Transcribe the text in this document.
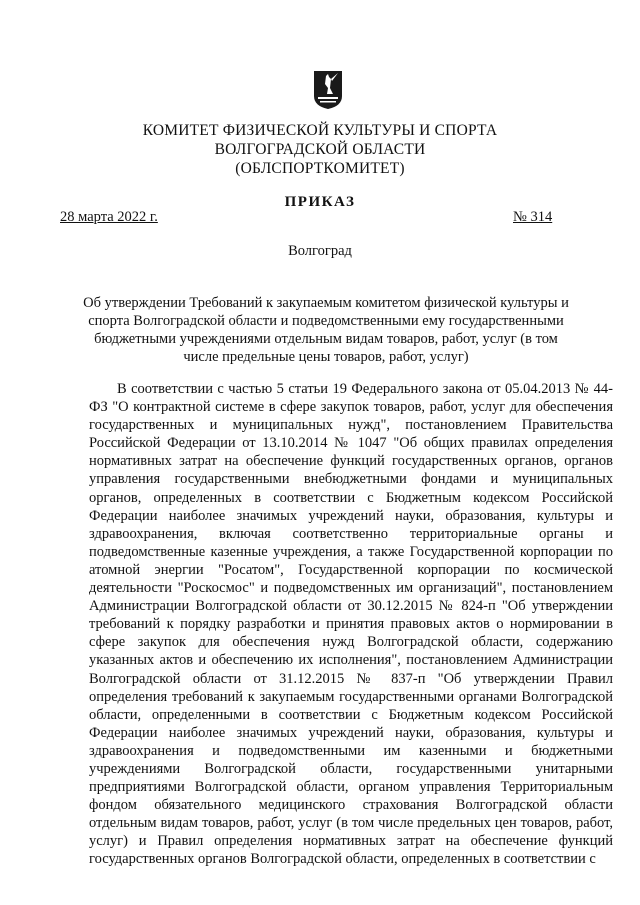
КОМИТЕТ ФИЗИЧЕСКОЙ КУЛЬТУРЫ И СПОРТА
ВОЛГОГРАДСКОЙ ОБЛАСТИ
(ОБЛСПОРТКОМИТЕТ)
ПРИКАЗ
28 марта 2022 г.	№ 314
Волгоград
Об утверждении Требований к закупаемым комитетом физической культуры и спорта Волгоградской области и подведомственными ему государственными бюджетными учреждениями отдельным видам товаров, работ, услуг (в том числе предельные цены товаров, работ, услуг)
В соответствии с частью 5 статьи 19 Федерального закона от 05.04.2013 № 44-ФЗ "О контрактной системе в сфере закупок товаров, работ, услуг для обеспечения государственных и муниципальных нужд", постановлением Правительства Российской Федерации от 13.10.2014 № 1047 "Об общих правилах определения нормативных затрат на обеспечение функций государственных органов, органов управления государственными внебюджетными фондами и муниципальных органов, определенных в соответствии с Бюджетным кодексом Российской Федерации наиболее значимых учреждений науки, образования, культуры и здравоохранения, включая соответственно территориальные органы и подведомственные казенные учреждения, а также Государственной корпорации по атомной энергии "Росатом", Государственной корпорации по космической деятельности "Роскосмос" и подведомственных им организаций", постановлением Администрации Волгоградской области от 30.12.2015 № 824-п "Об утверждении требований к порядку разработки и принятия правовых актов о нормировании в сфере закупок для обеспечения нужд Волгоградской области, содержанию указанных актов и обеспечению их исполнения", постановлением Администрации Волгоградской области от 31.12.2015 № 837-п "Об утверждении Правил определения требований к закупаемым государственными органами Волгоградской области, определенными в соответствии с Бюджетным кодексом Российской Федерации наиболее значимых учреждений науки, образования, культуры и здравоохранения и подведомственными им казенными и бюджетными учреждениями Волгоградской области, государственными унитарными предприятиями Волгоградской области, органом управления Территориальным фондом обязательного медицинского страхования Волгоградской области отдельным видам товаров, работ, услуг (в том числе предельных цен товаров, работ, услуг) и Правил определения нормативных затрат на обеспечение функций государственных органов Волгоградской области, определенных в соответствии с
